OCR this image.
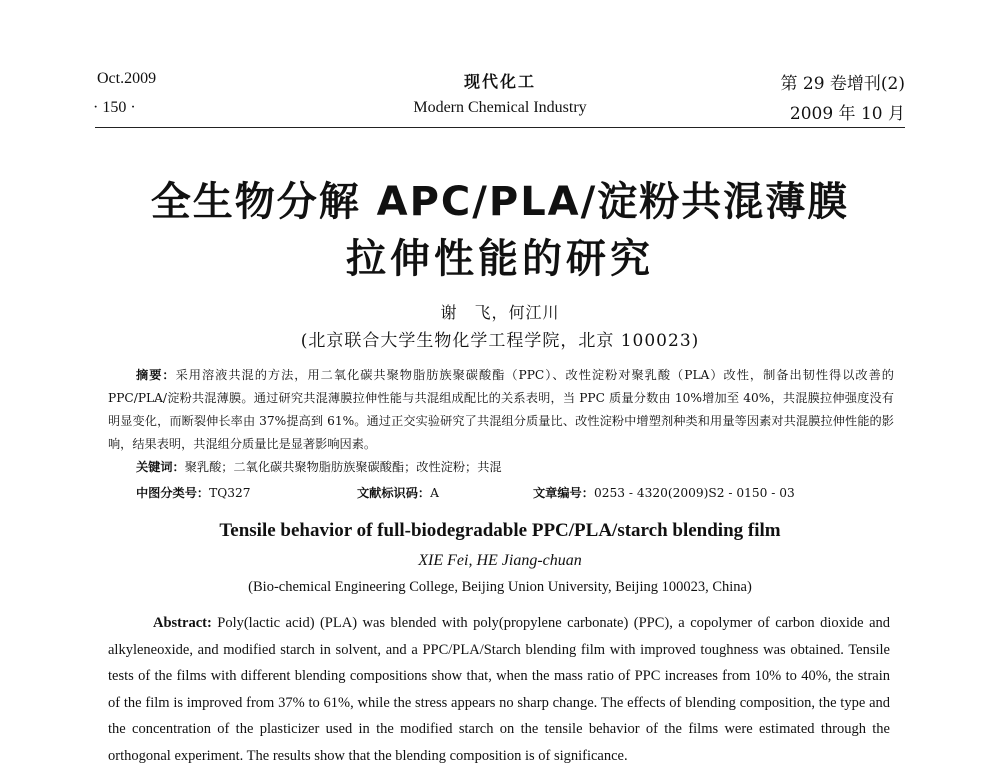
Oct.2009
· 150 ·
现代化工
Modern Chemical Industry
第 29 卷增刊(2)
2009 年 10 月
全生物分解 APC/PLA/淀粉共混薄膜
拉伸性能的研究
谢　飞，何江川
(北京联合大学生物化学工程学院，北京 100023)
摘要：采用溶液共混的方法，用二氧化碳共聚物脂肪族聚碳酸酯（PPC）、改性淀粉对聚乳酸（PLA）改性，制备出韧性得以改善的 PPC/PLA/淀粉共混薄膜。通过研究共混薄膜拉伸性能与共混组成配比的关系表明，当 PPC 质量分数由 10%增加至 40%，共混膜拉伸强度没有明显变化，而断裂伸长率由 37%提高到 61%。通过正交实验研究了共混组分质量比、改性淀粉中增塑剂种类和用量等因素对共混膜拉伸性能的影响，结果表明，共混组分质量比是显著影响因素。
关键词：聚乳酸；二氧化碳共聚物脂肪族聚碳酸酯；改性淀粉；共混
中图分类号：TQ327	文献标识码：A	文章编号：0253 - 4320(2009)S2 - 0150 - 03
Tensile behavior of full-biodegradable PPC/PLA/starch blending film
XIE Fei, HE Jiang-chuan
(Bio-chemical Engineering College, Beijing Union University, Beijing 100023, China)
Abstract: Poly(lactic acid) (PLA) was blended with poly(propylene carbonate) (PPC), a copolymer of carbon dioxide and alkyleneoxide, and modified starch in solvent, and a PPC/PLA/Starch blending film with improved toughness was obtained. Tensile tests of the films with different blending compositions show that, when the mass ratio of PPC increases from 10% to 40%, the strain of the film is improved from 37% to 61%, while the stress appears no sharp change. The effects of blending composition, the type and the concentration of the plasticizer used in the modified starch on the tensile behavior of the films were estimated through the orthogonal experiment. The results show that the blending composition is of significance.
